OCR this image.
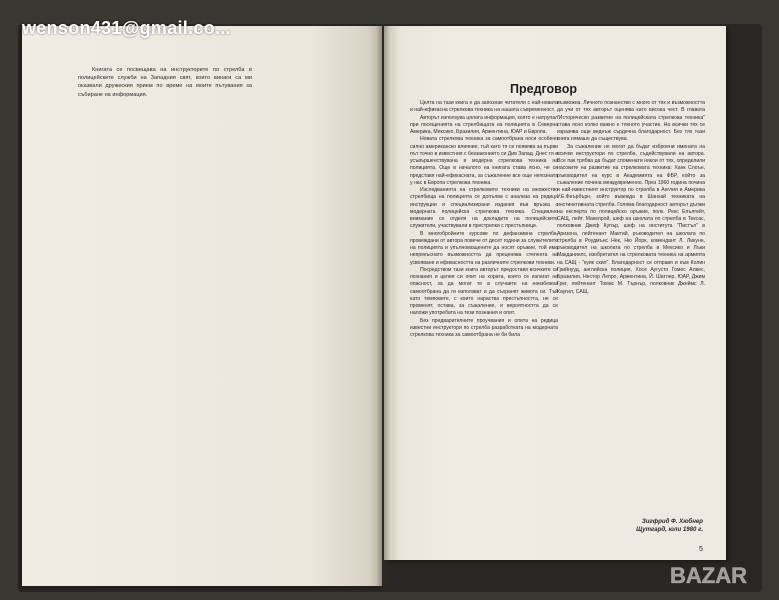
wenson431@gmail.co...

Книгата се посвещава на инструкторите по стрелба в полицейските служби на Западния свят, които винаги са ми оказвали дружеския прием по време на моите пътувания за събиране на информация.	Предговор

Целта на тази книга е да запознае читателя с най-новата и най-ефикасна стрелкова техника на нашата съвременност.

Авторът използува цялата информация, която е натрупал при посещенията на стрелбищата на полицията в Северна Америка, Мексико, Бразилия, Аржентина, ЮАР и Европа.

Новата стрелкова техника за самоотбрана носи особено силно американско влияние, тъй като тя се появява за първи път точно в известния с беззаконието си Див Запад. Днес тя е усъвършенствувана в модерна стрелкова техника на полицията. Още в началото на книгата става ясно, че се представя най-ефикасната, за съжаление все още непозната у нас в Европа стрелкова техника.

Изследванията на стрелковите техники на множество стрелбища на полицията се допълва с анализа на редица инструкции и специализирани издания във връзка с модерната полицейска стрелкова техника. Специално внимание се отделя на докладите на полицейските служители, участвували в престрелки с престъпници.

В многобройните курсове по дефанзивна стрелба, провеждани от автора повече от десет години за служителите на полицията и упълномощените да носят оръжие, той има непрекъснато възможността да преценява степента на усвояване и ефикасността на различните стрелкови техники.

Посредством тази книга авторът предоставя всичките си познания и целия си опит на хората, които се излагат на опасност, за да могат те в случаите на неизбежна самоотбрана да ги използват и да съхранят живота си. Тъй като темповете, с които нараства престъпността, не се променят, остава, за съжаление, и вероятността да се наложи употребата на тези познания и опит.

Без предварителните проучвания и опита на редица известни инструктори по стрелба разработката на модерната стрелкова техника за самоотбрана не би била

възможна. Личното познанство с много от тях и възможността да учи от тях авторът оценява като висока чест. В главата "Историческо развитие на полицейската стрелкова техника" става ясно колко важно е тяхното участие. На всички тях се изразява още веднъж сърдечна благодарност. Без тях тази книга нямаше да съществува.

За съжаление не могат да бъдат изброени имената на всички инструктори по стрелба, съдействували на автора. Все пак трябва да бъдат споменати някои от тях, определили насоките на развитие на стрелковата техника: Ханк Слоън, ръководител на курс в Академията на ФБР, който за съжаление почина междувременно. През 1960 година почина и най-известният инструктор по стрелба в Англия и Америка У.Е.Феърбърн, който въвежда в Шанхай техниката на инстинктивната стрелба. Голяма благодарност авторът дължи на експерта по полицейско оръжие, полк. Рекс Епългейт, САЩ, лейт. Макелрой, шеф на школата по стрелба в Тексас, полковник Джеф Купър, шеф на института "Пистъл" в Аризона, лейтенант Мактий, ръководител на школата по стрелба в Роудмънс Нек, Ню Йорк, комендант Л. Ликунн, ръководител на школата по стрелба в Мексико и Лъки Макданиелс, изобретател на стрелковата техника на армията на САЩ - "куик скил". Благодарност се отправя и към Колин Грийнууд, английска полиция, Хосе Аугусто Гомес Алвес, Бразилия, Нестор Лепро, Аржентина, Й. Шатлер, ЮАР, Джим Грег, лейтенант Томас М. Търнър, полковник Джеймс Л. Каугил, САЩ.

Зигфрид Ф. Хюбнер
Щутгард, юли 1980 г.
5
BAZAR
